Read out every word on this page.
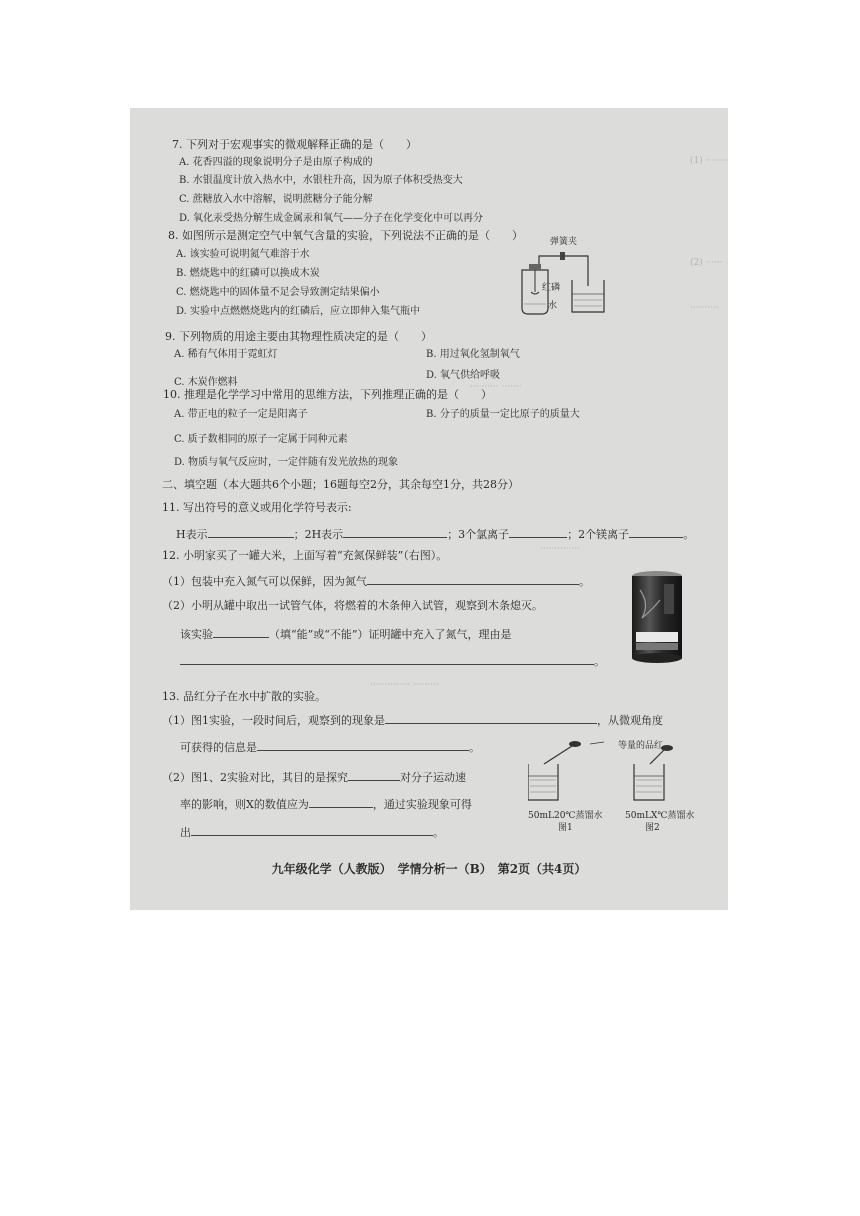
(1) ········
(2) ······
··········
·········· ·······
··············
·············· ·········
7. 下列对于宏观事实的微观解释正确的是（　　）
A. 花香四溢的现象说明分子是由原子构成的
B. 水银温度计放入热水中，水银柱升高，因为原子体积受热变大
C. 蔗糖放入水中溶解，说明蔗糖分子能分解
D. 氧化汞受热分解生成金属汞和氧气——分子在化学变化中可以再分
8. 如图所示是测定空气中氧气含量的实验，下列说法不正确的是（　　）
A. 该实验可说明氮气难溶于水
B. 燃烧匙中的红磷可以换成木炭
C. 燃烧匙中的固体量不足会导致测定结果偏小
D. 实验中点燃燃烧匙内的红磷后，应立即伸入集气瓶中
弹簧夹
红磷
水
9. 下列物质的用途主要由其物理性质决定的是（　　）
A. 稀有气体用于霓虹灯	B. 用过氧化氢制氧气
C. 木炭作燃料
D. 氧气供给呼吸
10. 推理是化学学习中常用的思维方法，下列推理正确的是（　　）
A. 带正电的粒子一定是阳离子	B. 分子的质量一定比原子的质量大
C. 质子数相同的原子一定属于同种元素
D. 物质与氧气反应时，一定伴随有发光放热的现象
二、填空题（本大题共6个小题；16题每空2分，其余每空1分，共28分）
11. 写出符号的意义或用化学符号表示:
H表示	；2H表示	；3个氯离子	；2个镁离子	。
12. 小明家买了一罐大米，上面写着“充氮保鲜装”（右图）。
（1）包装中充入氮气可以保鲜，因为氮气	。
（2）小明从罐中取出一试管气体，将燃着的木条伸入试管，观察到木条熄灭。
该实验	（填“能”或“不能”）证明罐中充入了氮气，理由是
。
13. 品红分子在水中扩散的实验。
（1）图1实验，一段时间后，观察到的现象是	，从微观角度
可获得的信息是	。
（2）图1、2实验对比，其目的是探究	对分子运动速
率的影响，则X的数值应为	，通过实验现象可得
出	。
等量的品红
50mL20℃蒸馏水
图1
50mLX℃蒸馏水
图2
九年级化学（人教版）　学情分析一（B）　第2页（共4页）
